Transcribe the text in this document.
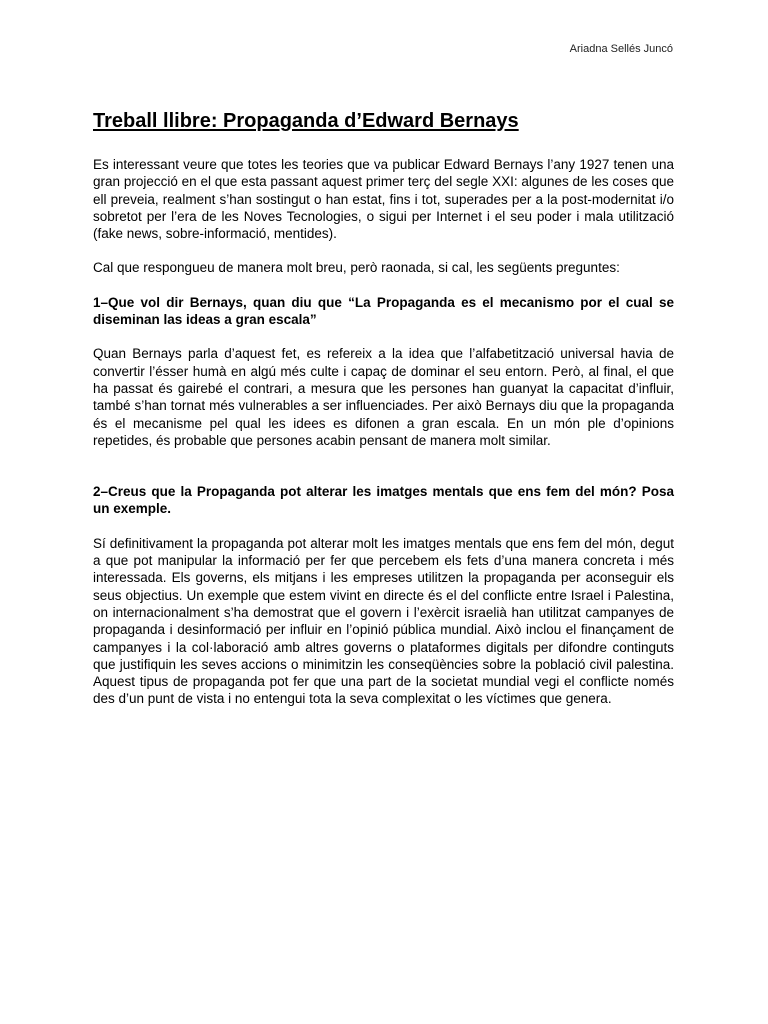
Ariadna Sellés Juncó

Treball llibre: Propaganda d’Edward Bernays

Es interessant veure que totes les teories que va publicar Edward Bernays l’any 1927 tenen una gran projecció en el que esta passant aquest primer terç del segle XXI: algunes de les coses que ell preveia, realment s’han sostingut o han estat, fins i tot, superades per a la post-modernitat i/o sobretot per l’era de les Noves Tecnologies, o sigui per Internet i el seu poder i mala utilització (fake news, sobre-informació, mentides).

Cal que respongueu de manera molt breu, però raonada, si cal, les següents preguntes:

1–Que vol dir Bernays, quan diu que “La Propaganda es el mecanismo por el cual se diseminan las ideas a gran escala”

Quan Bernays parla d’aquest fet, es refereix a la idea que l’alfabetització universal havia de convertir l’ésser humà en algú més culte i capaç de dominar el seu entorn. Però, al final, el que ha passat és gairebé el contrari, a mesura que les persones han guanyat la capacitat d’influir, també s’han tornat més vulnerables a ser influenciades. Per això Bernays diu que la propaganda és el mecanisme pel qual les idees es difonen a gran escala. En un món ple d’opinions repetides, és probable que persones acabin pensant de manera molt similar.

2–Creus que la Propaganda pot alterar les imatges mentals que ens fem del món? Posa un exemple.

Sí definitivament la propaganda pot alterar molt les imatges mentals que ens fem del món, degut a que pot manipular la informació per fer que percebem els fets d’una manera concreta i més interessada. Els governs, els mitjans i les empreses utilitzen la propaganda per aconseguir els seus objectius. Un exemple que estem vivint en directe és el del conflicte entre Israel i Palestina, on internacionalment s’ha demostrat que el govern i l’exèrcit israelià han utilitzat campanyes de propaganda i desinformació per influir en l’opinió pública mundial. Això inclou el finançament de campanyes i la col·laboració amb altres governs o plataformes digitals per difondre continguts que justifiquin les seves accions o minimitzin les conseqüències sobre la població civil palestina. Aquest tipus de propaganda pot fer que una part de la societat mundial vegi el conflicte només des d’un punt de vista i no entengui tota la seva complexitat o les víctimes que genera.
